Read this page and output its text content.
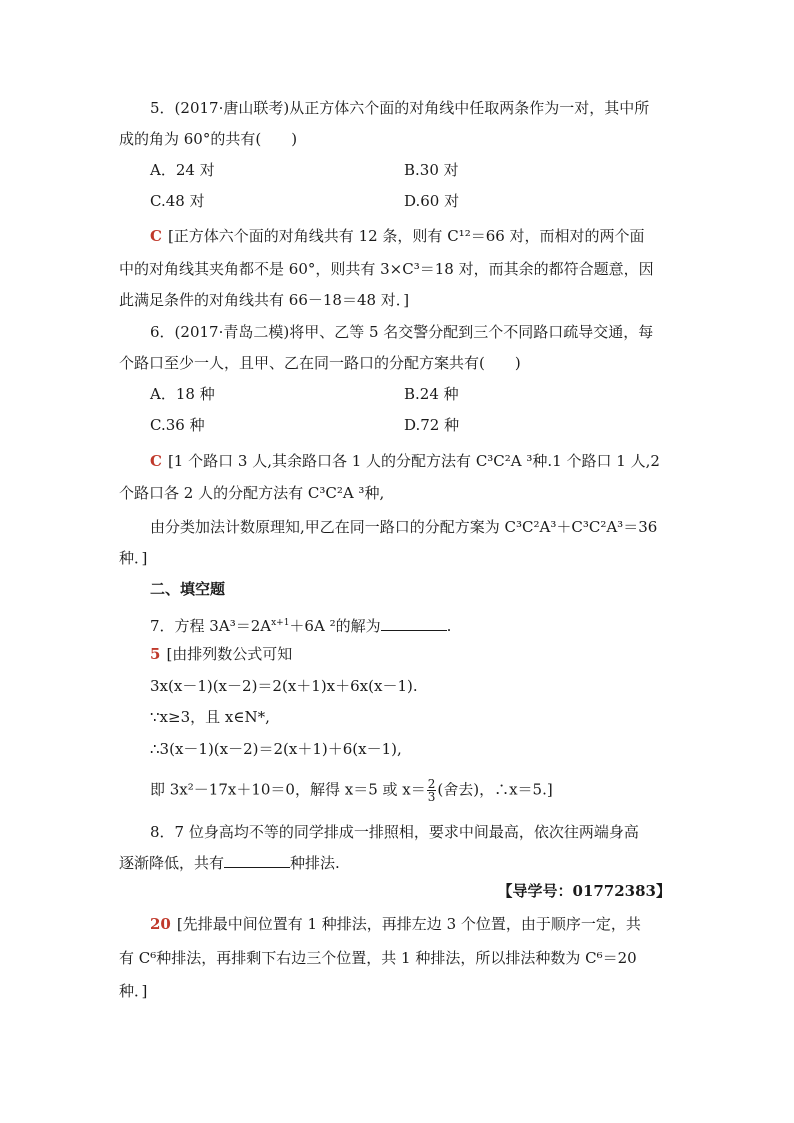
5．(2017·唐山联考)从正方体六个面的对角线中任取两条作为一对，其中所
成的角为 60°的共有(　　)
A．24 对	B.30 对
C.48 对	D.60 对
C [正方体六个面的对角线共有 12 条，则有 C¹²＝66 对，而相对的两个面
中的对角线其夹角都不是 60°，则共有 3×C³＝18 对，而其余的都符合题意，因
此满足条件的对角线共有 66－18＝48 对．]
6．(2017·青岛二模)将甲、乙等 5 名交警分配到三个不同路口疏导交通，每
个路口至少一人，且甲、乙在同一路口的分配方案共有(　　)
A．18 种	B.24 种
C.36 种	D.72 种
C [1 个路口 3 人,其余路口各 1 人的分配方法有 C³C²A ³种.1 个路口 1 人,2
个路口各 2 人的分配方法有 C³C²A ³种,
由分类加法计数原理知,甲乙在同一路口的分配方案为 C³C²A³＋C³C²A³＝36
种．]
二、填空题
7．方程 $3A^3=2A^{x+1}+6A$ ²的解为	.
5 [由排列数公式可知
3x(x－1)(x－2)＝2(x＋1)x＋6x(x－1).
∵x≥3，且 x∈N*,
∴3(x－1)(x－2)＝2(x＋1)＋6(x－1),
即 3x²－17x＋10＝0，解得 x＝5 或 $x= \frac{2}{3}$ (舍去)，∴x＝5.]
8．7 位身高均不等的同学排成一排照相，要求中间最高，依次往两端身高
逐渐降低，共有	种排法.
【导学号：01772383】
20 [先排最中间位置有 1 种排法，再排左边 3 个位置，由于顺序一定，共
有 C⁶种排法，再排剩下右边三个位置，共 1 种排法，所以排法种数为 C⁶＝20
种．]
